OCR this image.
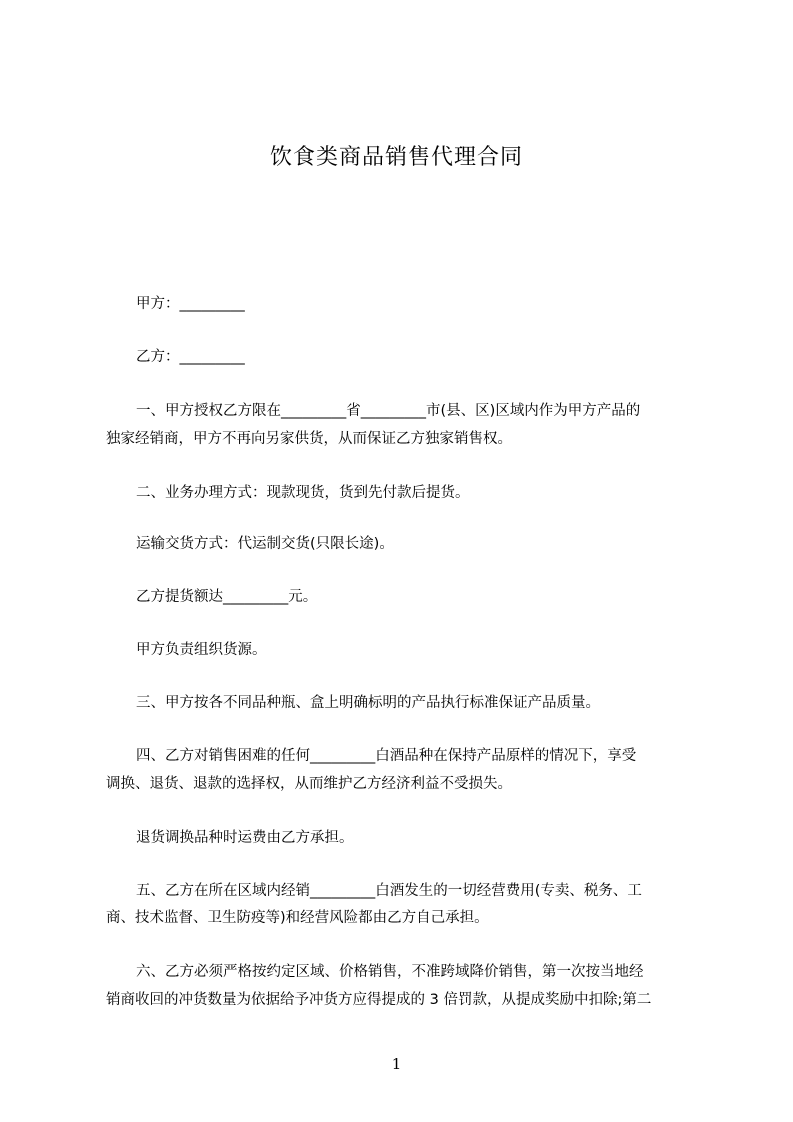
饮食类商品销售代理合同
甲方：_________
乙方：_________
一、甲方授权乙方限在_________省_________市(县、区)区域内作为甲方产品的
独家经销商，甲方不再向另家供货，从而保证乙方独家销售权。
二、业务办理方式：现款现货，货到先付款后提货。
运输交货方式：代运制交货(只限长途)。
乙方提货额达_________元。
甲方负责组织货源。
三、甲方按各不同品种瓶、盒上明确标明的产品执行标准保证产品质量。
四、乙方对销售困难的任何_________白酒品种在保持产品原样的情况下，享受
调换、退货、退款的选择权，从而维护乙方经济利益不受损失。
退货调换品种时运费由乙方承担。
五、乙方在所在区域内经销_________白酒发生的一切经营费用(专卖、税务、工
商、技术监督、卫生防疫等)和经营风险都由乙方自己承担。
六、乙方必须严格按约定区域、价格销售，不准跨域降价销售，第一次按当地经
销商收回的冲货数量为依据给予冲货方应得提成的 3 倍罚款，从提成奖励中扣除;第二
1
